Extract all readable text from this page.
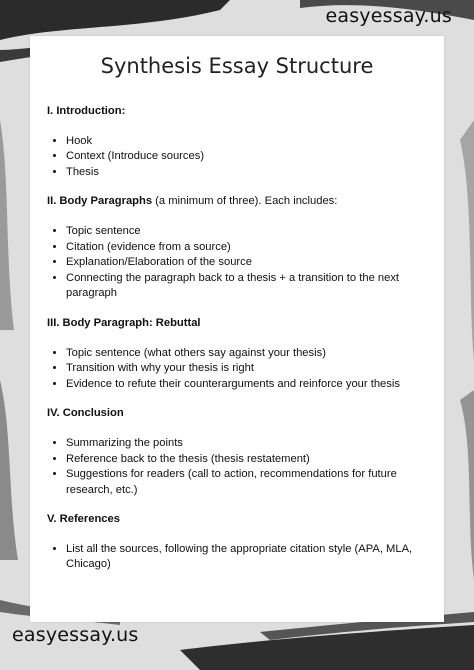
easyessay.us
easyessay.us
Synthesis Essay Structure
I. Introduction:
• Hook
• Context (Introduce sources)
• Thesis
II. Body Paragraphs (a minimum of three). Each includes:
• Topic sentence
• Citation (evidence from a source)
• Explanation/Elaboration of the source
• Connecting the paragraph back to a thesis + a transition to the next paragraph
III. Body Paragraph: Rebuttal
• Topic sentence (what others say against your thesis)
• Transition with why your thesis is right
• Evidence to refute their counterarguments and reinforce your thesis
IV. Conclusion
• Summarizing the points
• Reference back to the thesis (thesis restatement)
• Suggestions for readers (call to action, recommendations for future research, etc.)
V. References
• List all the sources, following the appropriate citation style (APA, MLA, Chicago)
